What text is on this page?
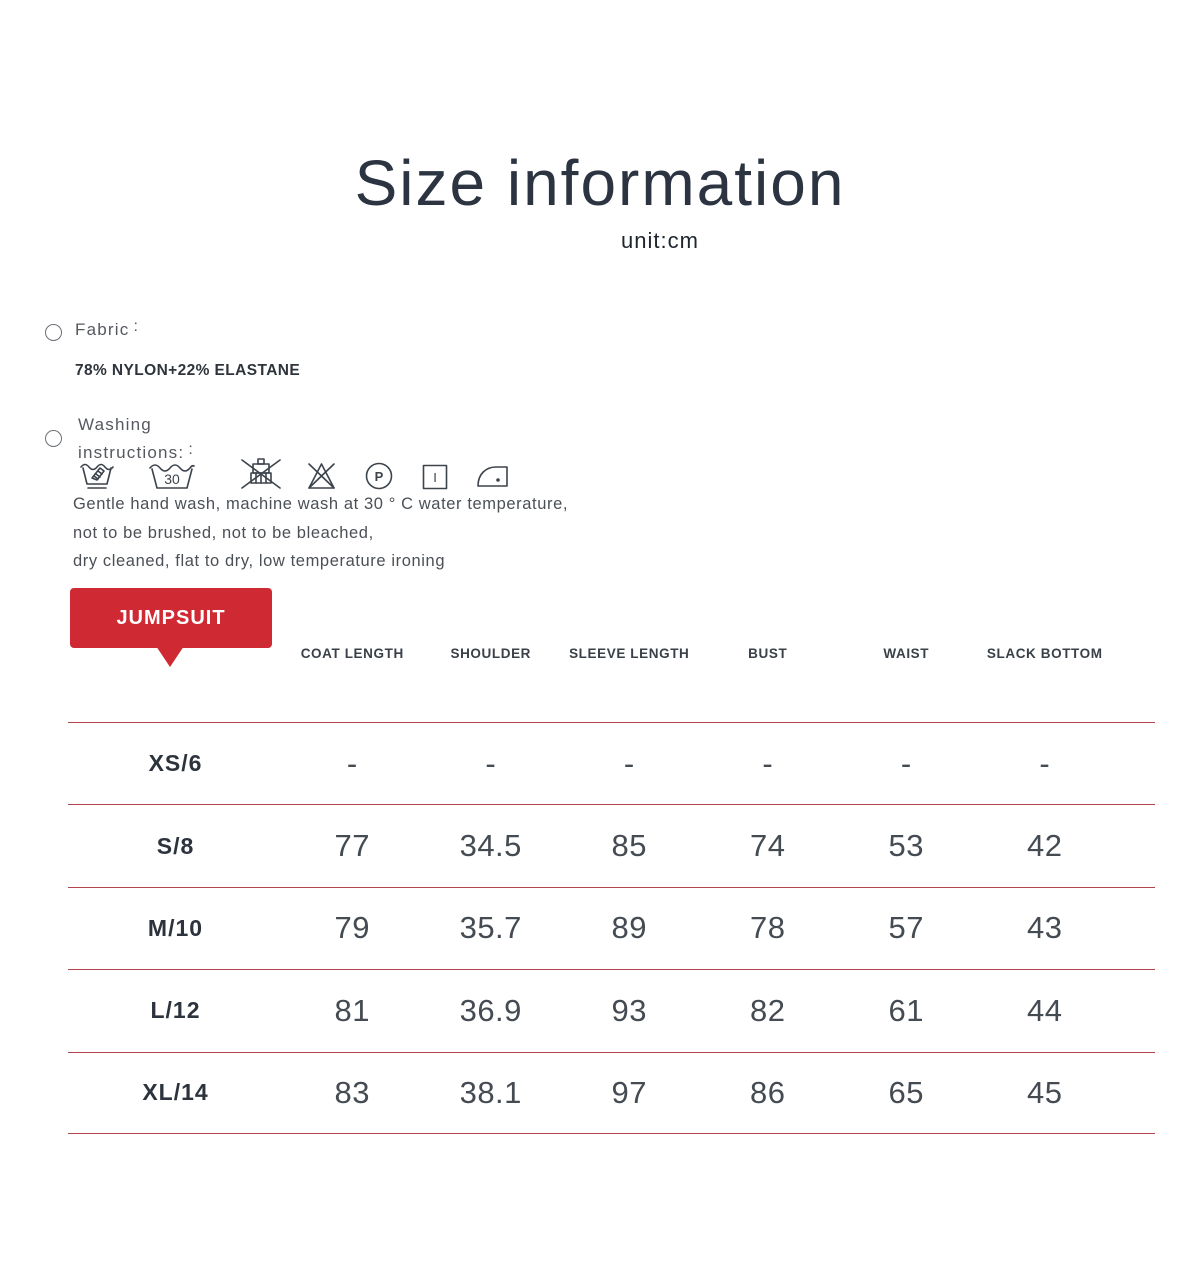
Size information
unit:cm
Fabric :
78% NYLON+22% ELASTANE
Washing
instructions: :
30	P	I
Gentle hand wash, machine wash at 30 ° C water temperature,
not to be brushed, not to be bleached,
dry cleaned, flat to dry, low temperature ironing
JUMPSUIT
COAT LENGTH	SHOULDER	SLEEVE LENGTH	BUST	WAIST	SLACK BOTTOM
XS/6	-	-	-	-	-	-
S/8	77	34.5	85	74	53	42
M/10	79	35.7	89	78	57	43
L/12	81	36.9	93	82	61	44
XL/14	83	38.1	97	86	65	45
